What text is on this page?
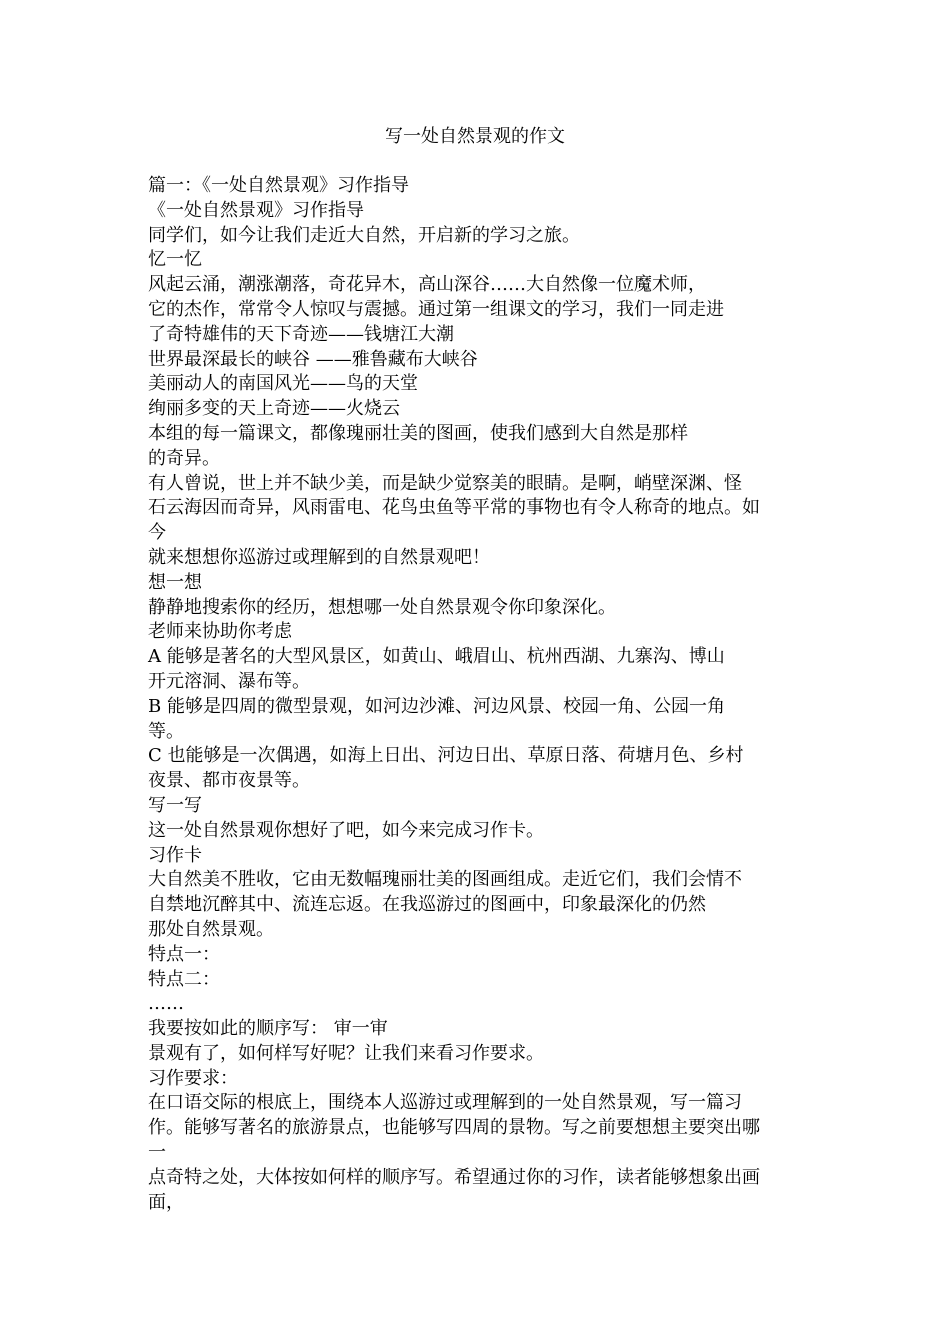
写一处自然景观的作文

篇一：《一处自然景观》习作指导

《一处自然景观》习作指导

同学们，如今让我们走近大自然，开启新的学习之旅。

忆一忆

风起云涌，潮涨潮落，奇花异木，高山深谷……大自然像一位魔术师，

它的杰作，常常令人惊叹与震撼。通过第一组课文的学习，我们一同走进

了奇特雄伟的天下奇迹——钱塘江大潮

世界最深最长的峡谷 ——雅鲁藏布大峡谷

美丽动人的南国风光——鸟的天堂

绚丽多变的天上奇迹——火烧云

本组的每一篇课文，都像瑰丽壮美的图画，使我们感到大自然是那样

的奇异。

有人曾说，世上并不缺少美，而是缺少觉察美的眼睛。是啊，峭壁深渊、怪

石云海因而奇异，风雨雷电、花鸟虫鱼等平常的事物也有令人称奇的地点。如

今

就来想想你巡游过或理解到的自然景观吧！

想一想

静静地搜索你的经历，想想哪一处自然景观令你印象深化。

老师来协助你考虑

A 能够是著名的大型风景区，如黄山、峨眉山、杭州西湖、九寨沟、博山

开元溶洞、瀑布等。

B 能够是四周的微型景观，如河边沙滩、河边风景、校园一角、公园一角

等。

C 也能够是一次偶遇，如海上日出、河边日出、草原日落、荷塘月色、乡村

夜景、都市夜景等。

写一写

这一处自然景观你想好了吧，如今来完成习作卡。

习作卡

大自然美不胜收，它由无数幅瑰丽壮美的图画组成。走近它们，我们会情不

自禁地沉醉其中、流连忘返。在我巡游过的图画中，印象最深化的仍然

那处自然景观。

特点一：

特点二：

……

我要按如此的顺序写： 审一审

景观有了，如何样写好呢？让我们来看习作要求。

习作要求：

在口语交际的根底上，围绕本人巡游过或理解到的一处自然景观，写一篇习

作。能够写著名的旅游景点，也能够写四周的景物。写之前要想想主要突出哪

一

点奇特之处，大体按如何样的顺序写。希望通过你的习作，读者能够想象出画

面，
